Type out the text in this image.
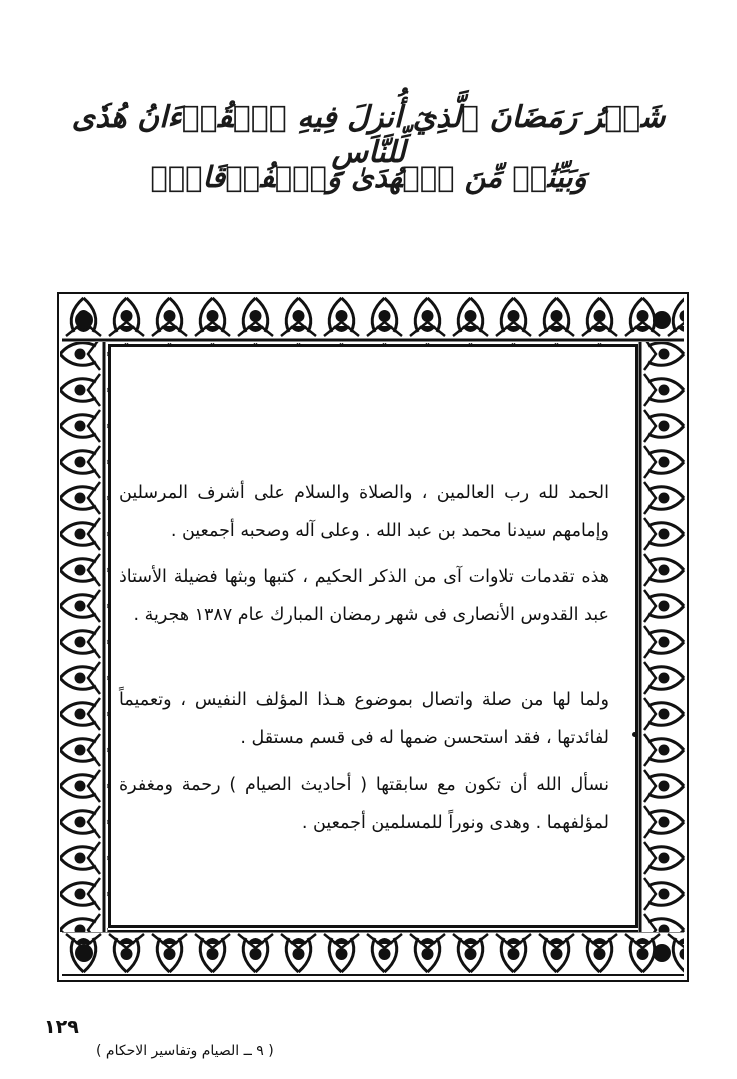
شَهۡرُ رَمَضَانَ ٱلَّذِيٓ أُنزِلَ فِيهِ ٱلۡقُرۡءَانُ هُدٗى لِّلنَّاسِ
وَبَيِّنَٰتٖ مِّنَ ٱلۡهُدَىٰ وَٱلۡفُرۡقَانِۚ

الحمد لله رب العالمين ، والصلاة والسلام على أشرف المرسلين وإمامهم سيدنا محمد بن عبد الله . وعلى آله وصحبه أجمعين .

هذه تقدمات تلاوات آى من الذكر الحكيم ، كتبها وبثها فضيلة الأستاذ عبد القدوس الأنصارى فى شهر رمضان المبارك عام ١٣٨٧ هجرية .

ولما لها من صلة واتصال بموضوع هـذا المؤلف النفيس ، وتعميماً لفائدتها ، فقد استحسن ضمها له فى قسم مستقل .

نسأل الله أن تكون مع سابقتها ( أحاديث الصيام ) رحمة ومغفرة لمؤلفهما . وهدى ونوراً للمسلمين أجمعين .

١٢٩
( ٩ ــ الصيام وتفاسير الاحكام )
